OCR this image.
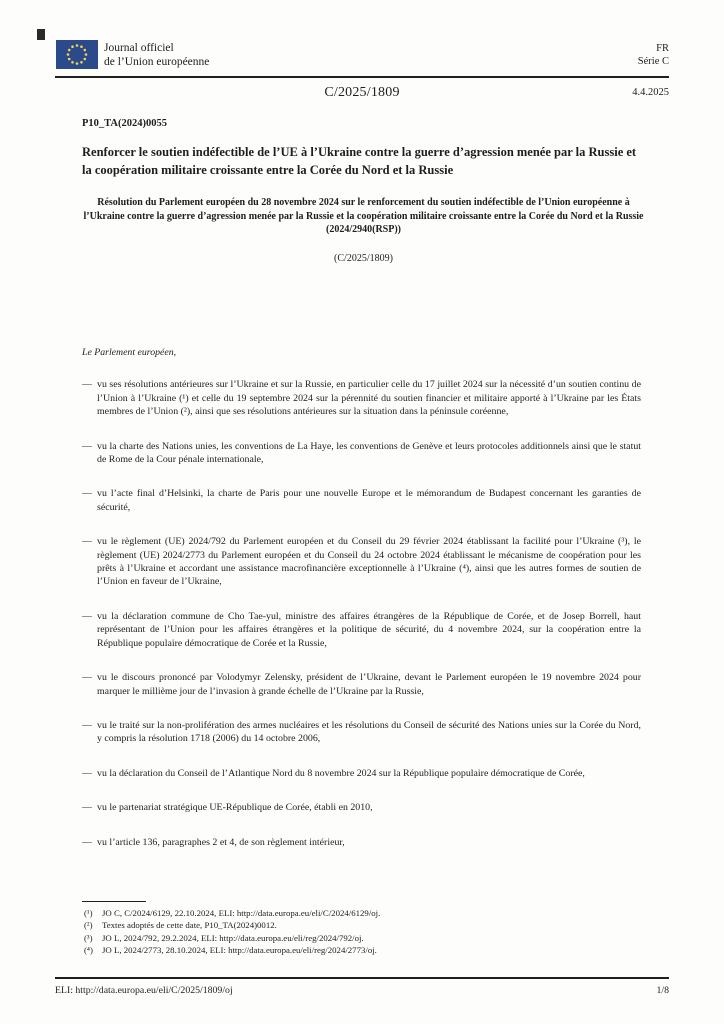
Journal officiel
de l’Union européenne
FR
Série C
C/2025/1809	4.4.2025
P10_TA(2024)0055
Renforcer le soutien indéfectible de l’UE à l’Ukraine contre la guerre d’agression menée par la Russie et la coopération militaire croissante entre la Corée du Nord et la Russie
Résolution du Parlement européen du 28 novembre 2024 sur le renforcement du soutien indéfectible de l’Union européenne à l’Ukraine contre la guerre d’agression menée par la Russie et la coopération militaire croissante entre la Corée du Nord et la Russie (2024/2940(RSP))
(C/2025/1809)

Le Parlement européen,

— vu ses résolutions antérieures sur l’Ukraine et sur la Russie, en particulier celle du 17 juillet 2024 sur la nécessité d’un soutien continu de l’Union à l’Ukraine (¹) et celle du 19 septembre 2024 sur la pérennité du soutien financier et militaire apporté à l’Ukraine par les États membres de l’Union (²), ainsi que ses résolutions antérieures sur la situation dans la péninsule coréenne,
— vu la charte des Nations unies, les conventions de La Haye, les conventions de Genève et leurs protocoles additionnels ainsi que le statut de Rome de la Cour pénale internationale,
— vu l’acte final d’Helsinki, la charte de Paris pour une nouvelle Europe et le mémorandum de Budapest concernant les garanties de sécurité,
— vu le règlement (UE) 2024/792 du Parlement européen et du Conseil du 29 février 2024 établissant la facilité pour l’Ukraine (³), le règlement (UE) 2024/2773 du Parlement européen et du Conseil du 24 octobre 2024 établissant le mécanisme de coopération pour les prêts à l’Ukraine et accordant une assistance macrofinancière exceptionnelle à l’Ukraine (⁴), ainsi que les autres formes de soutien de l’Union en faveur de l’Ukraine,
— vu la déclaration commune de Cho Tae-yul, ministre des affaires étrangères de la République de Corée, et de Josep Borrell, haut représentant de l’Union pour les affaires étrangères et la politique de sécurité, du 4 novembre 2024, sur la coopération entre la République populaire démocratique de Corée et la Russie,
— vu le discours prononcé par Volodymyr Zelensky, président de l’Ukraine, devant le Parlement européen le 19 novembre 2024 pour marquer le millième jour de l’invasion à grande échelle de l’Ukraine par la Russie,
— vu le traité sur la non-prolifération des armes nucléaires et les résolutions du Conseil de sécurité des Nations unies sur la Corée du Nord, y compris la résolution 1718 (2006) du 14 octobre 2006,
— vu la déclaration du Conseil de l’Atlantique Nord du 8 novembre 2024 sur la République populaire démocratique de Corée,
— vu le partenariat stratégique UE-République de Corée, établi en 2010,
— vu l’article 136, paragraphes 2 et 4, de son règlement intérieur,
(¹) JO C, C/2024/6129, 22.10.2024, ELI: http://data.europa.eu/eli/C/2024/6129/oj.
(²) Textes adoptés de cette date, P10_TA(2024)0012.
(³) JO L, 2024/792, 29.2.2024, ELI: http://data.europa.eu/eli/reg/2024/792/oj.
(⁴) JO L, 2024/2773, 28.10.2024, ELI: http://data.europa.eu/eli/reg/2024/2773/oj.
ELI: http://data.europa.eu/eli/C/2025/1809/oj	1/8
